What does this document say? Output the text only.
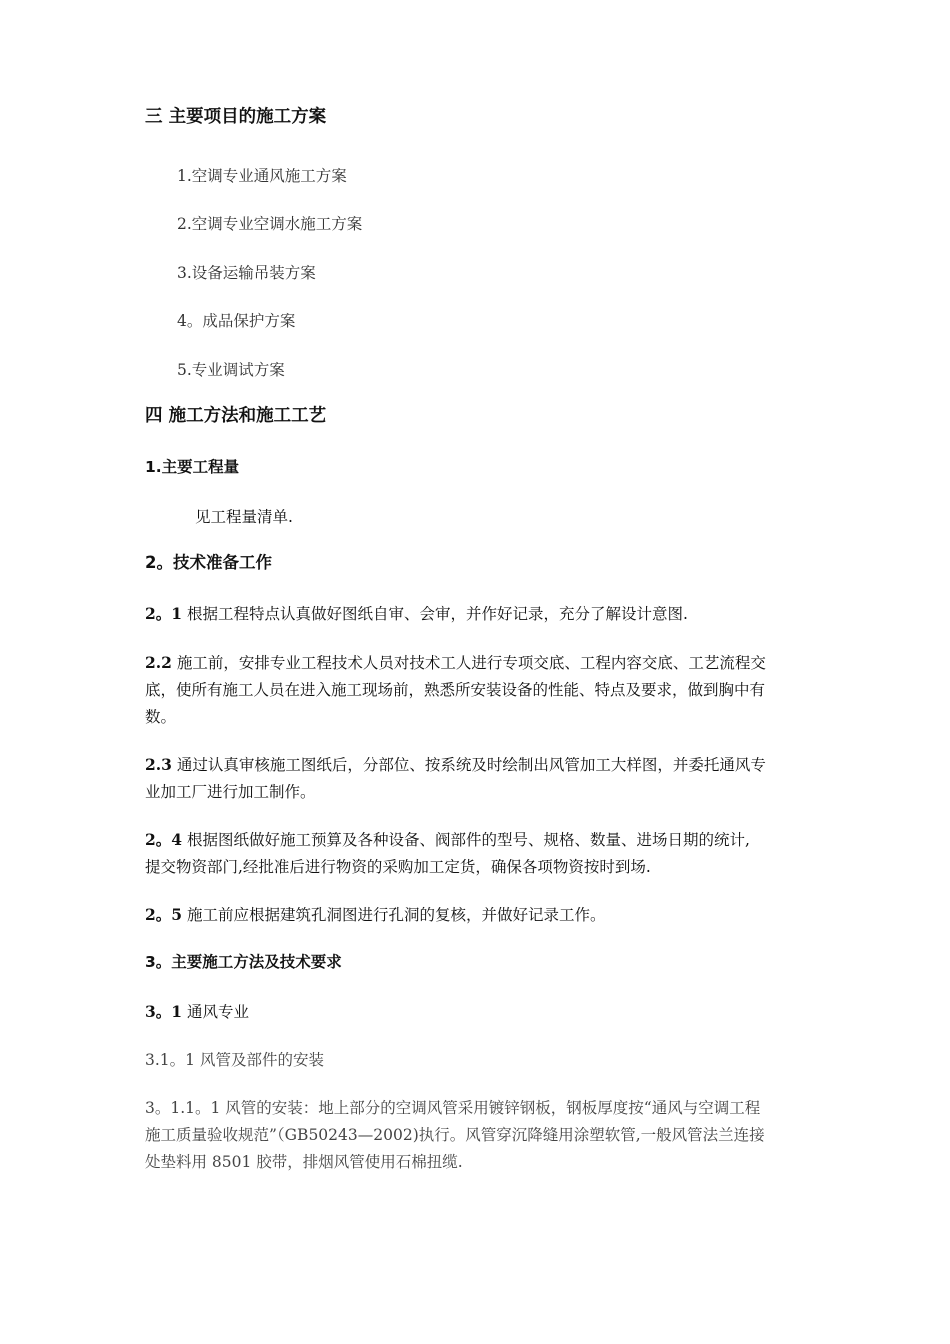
三 主要项目的施工方案
1.空调专业通风施工方案
2.空调专业空调水施工方案
3.设备运输吊装方案
4。成品保护方案
5.专业调试方案
四 施工方法和施工工艺
1.主要工程量
见工程量清单.
2。技术准备工作
2。1 根据工程特点认真做好图纸自审、会审，并作好记录，充分了解设计意图.
2.2 施工前，安排专业工程技术人员对技术工人进行专项交底、工程内容交底、工艺流程交
底，使所有施工人员在进入施工现场前，熟悉所安装设备的性能、特点及要求，做到胸中有
数。
2.3 通过认真审核施工图纸后，分部位、按系统及时绘制出风管加工大样图，并委托通风专
业加工厂进行加工制作。
2。4 根据图纸做好施工预算及各种设备、阀部件的型号、规格、数量、进场日期的统计,
提交物资部门,经批准后进行物资的采购加工定货，确保各项物资按时到场.
2。5 施工前应根据建筑孔洞图进行孔洞的复核，并做好记录工作。
3。主要施工方法及技术要求
3。1 通风专业
3.1。1 风管及部件的安装
3。1.1。1 风管的安装：地上部分的空调风管采用镀锌钢板，钢板厚度按“通风与空调工程
施工质量验收规范”（GB50243—2002)执行。风管穿沉降缝用涂塑软管,一般风管法兰连接
处垫料用 8501 胶带，排烟风管使用石棉扭缆.
